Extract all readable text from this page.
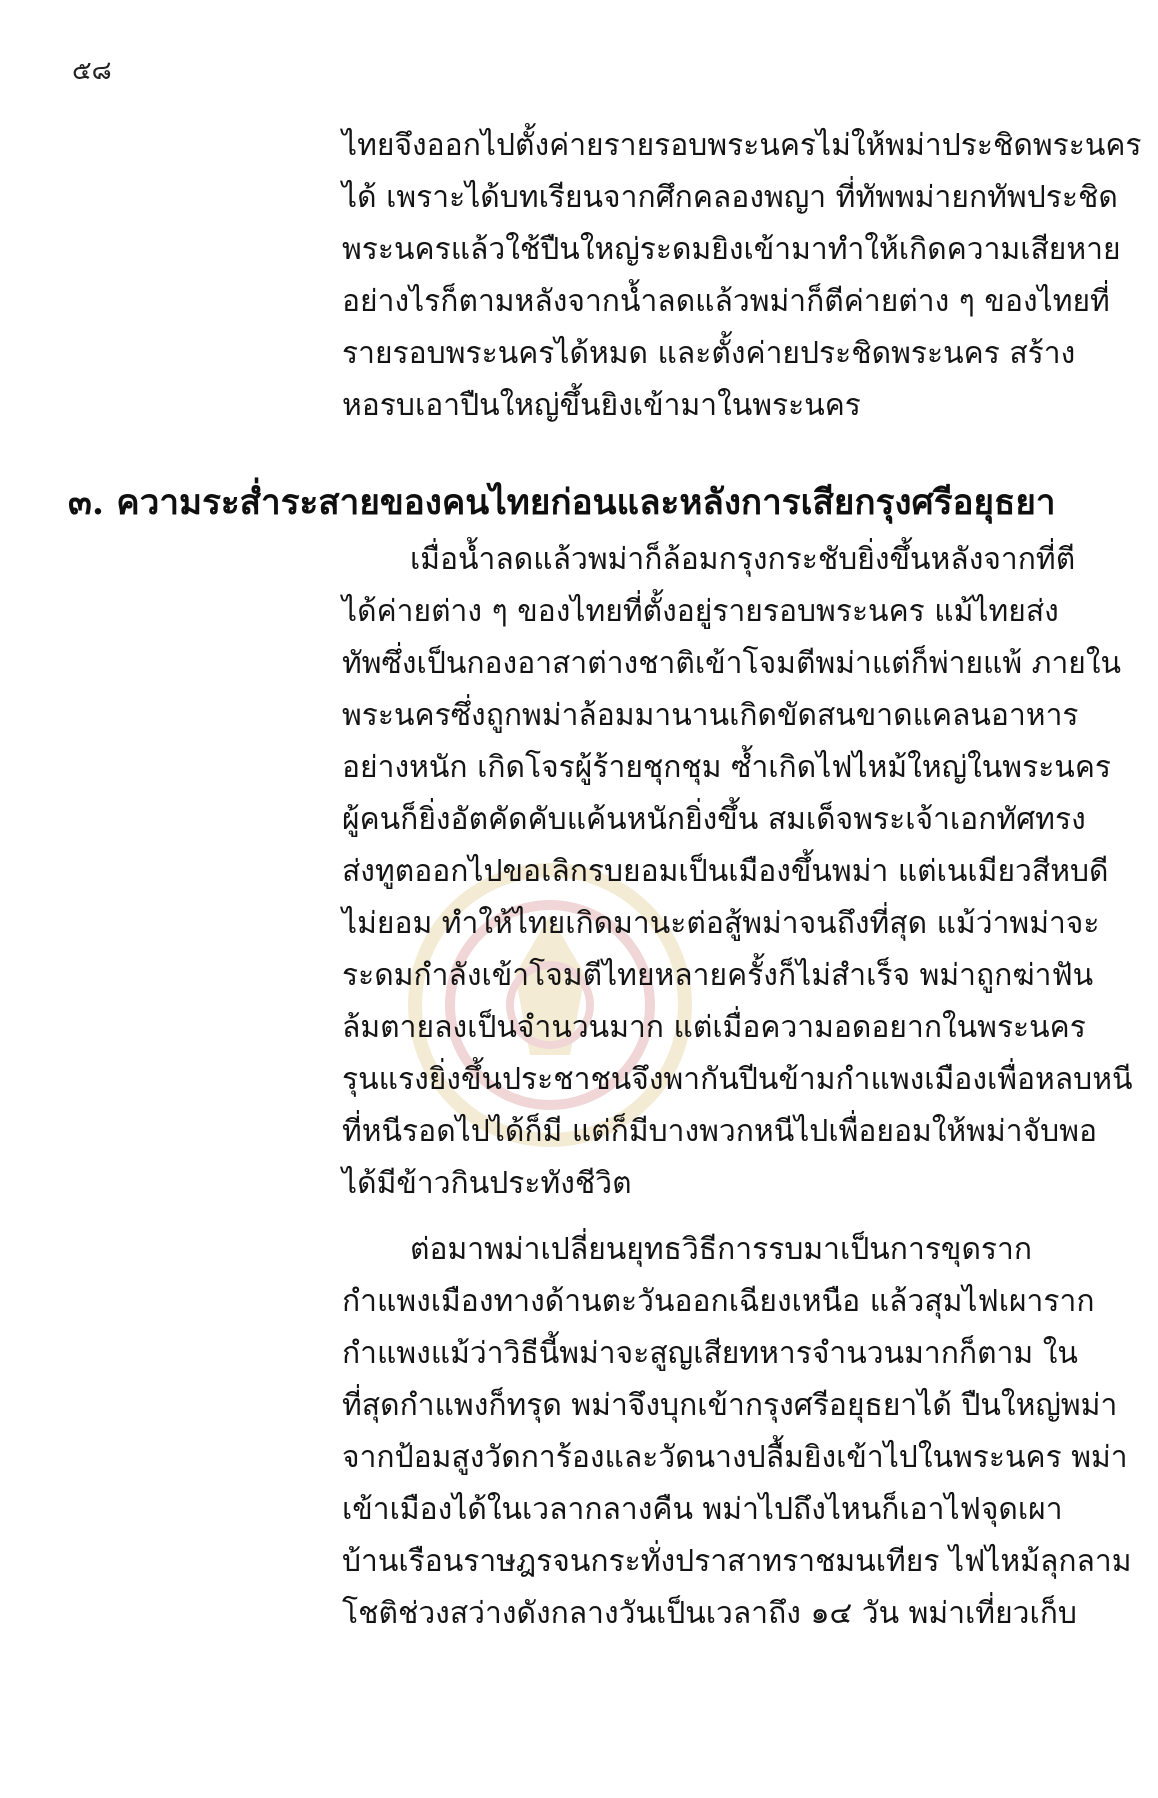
๕๘
ไทยจึงออกไปตั้งค่ายรายรอบพระนครไม่ให้พม่าประชิดพระนคร
ได้ เพราะได้บทเรียนจากศึกคลองพญา ที่ทัพพม่ายกทัพประชิด
พระนครแล้วใช้ปืนใหญ่ระดมยิงเข้ามาทำให้เกิดความเสียหาย
อย่างไรก็ตามหลังจากน้ำลดแล้วพม่าก็ตีค่ายต่าง ๆ ของไทยที่
รายรอบพระนครได้หมด และตั้งค่ายประชิดพระนคร สร้าง
หอรบเอาปืนใหญ่ขึ้นยิงเข้ามาในพระนคร
๓. ความระส่ำระสายของคนไทยก่อนและหลังการเสียกรุงศรีอยุธยา
เมื่อน้ำลดแล้วพม่าก็ล้อมกรุงกระชับยิ่งขึ้นหลังจากที่ตี
ได้ค่ายต่าง ๆ ของไทยที่ตั้งอยู่รายรอบพระนคร แม้ไทยส่ง
ทัพซึ่งเป็นกองอาสาต่างชาติเข้าโจมตีพม่าแต่ก็พ่ายแพ้ ภายใน
พระนครซึ่งถูกพม่าล้อมมานานเกิดขัดสนขาดแคลนอาหาร
อย่างหนัก เกิดโจรผู้ร้ายชุกชุม ซ้ำเกิดไฟไหม้ใหญ่ในพระนคร
ผู้คนก็ยิ่งอัตคัดคับแค้นหนักยิ่งขึ้น สมเด็จพระเจ้าเอกทัศทรง
ส่งทูตออกไปขอเลิกรบยอมเป็นเมืองขึ้นพม่า แต่เนเมียวสีหบดี
ไม่ยอม ทำให้ไทยเกิดมานะต่อสู้พม่าจนถึงที่สุด แม้ว่าพม่าจะ
ระดมกำลังเข้าโจมตีไทยหลายครั้งก็ไม่สำเร็จ พม่าถูกฆ่าฟัน
ล้มตายลงเป็นจำนวนมาก แต่เมื่อความอดอยากในพระนคร
รุนแรงยิ่งขึ้นประชาชนจึงพากันปีนข้ามกำแพงเมืองเพื่อหลบหนี
ที่หนีรอดไปได้ก็มี แต่ก็มีบางพวกหนีไปเพื่อยอมให้พม่าจับพอ
ได้มีข้าวกินประทังชีวิต
ต่อมาพม่าเปลี่ยนยุทธวิธีการรบมาเป็นการขุดราก
กำแพงเมืองทางด้านตะวันออกเฉียงเหนือ แล้วสุมไฟเผาราก
กำแพงแม้ว่าวิธีนี้พม่าจะสูญเสียทหารจำนวนมากก็ตาม ใน
ที่สุดกำแพงก็ทรุด พม่าจึงบุกเข้ากรุงศรีอยุธยาได้ ปืนใหญ่พม่า
จากป้อมสูงวัดการ้องและวัดนางปลื้มยิงเข้าไปในพระนคร พม่า
เข้าเมืองได้ในเวลากลางคืน พม่าไปถึงไหนก็เอาไฟจุดเผา
บ้านเรือนราษฎรจนกระทั่งปราสาทราชมนเทียร ไฟไหม้ลุกลาม
โชติช่วงสว่างดังกลางวันเป็นเวลาถึง ๑๔ วัน พม่าเที่ยวเก็บ
